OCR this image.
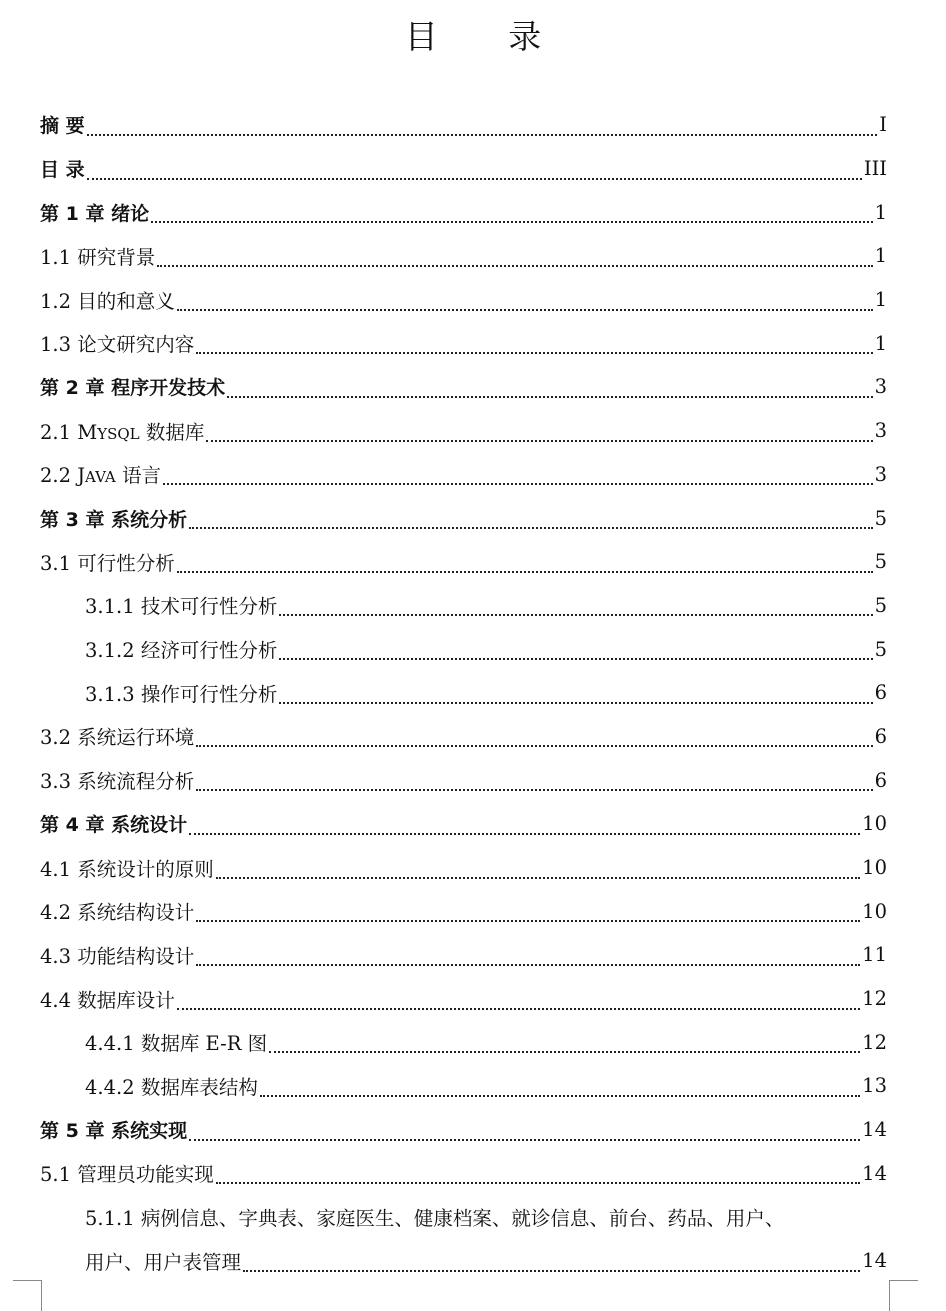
目 录
摘 要	I
目 录	III
第 1 章 绪论	1
1.1 研究背景	1
1.2 目的和意义	1
1.3 论文研究内容	1
第 2 章 程序开发技术	3
2.1 MYSQL 数据库	3
2.2 JAVA 语言	3
第 3 章 系统分析	5
3.1 可行性分析	5
3.1.1 技术可行性分析	5
3.1.2 经济可行性分析	5
3.1.3 操作可行性分析	6
3.2 系统运行环境	6
3.3 系统流程分析	6
第 4 章 系统设计	10
4.1 系统设计的原则	10
4.2 系统结构设计	10
4.3 功能结构设计	11
4.4 数据库设计	12
4.4.1 数据库 E-R 图	12
4.4.2 数据库表结构	13
第 5 章 系统实现	14
5.1 管理员功能实现	14
5.1.1 病例信息、字典表、家庭医生、健康档案、就诊信息、前台、药品、用户、
用户、用户表管理	14
